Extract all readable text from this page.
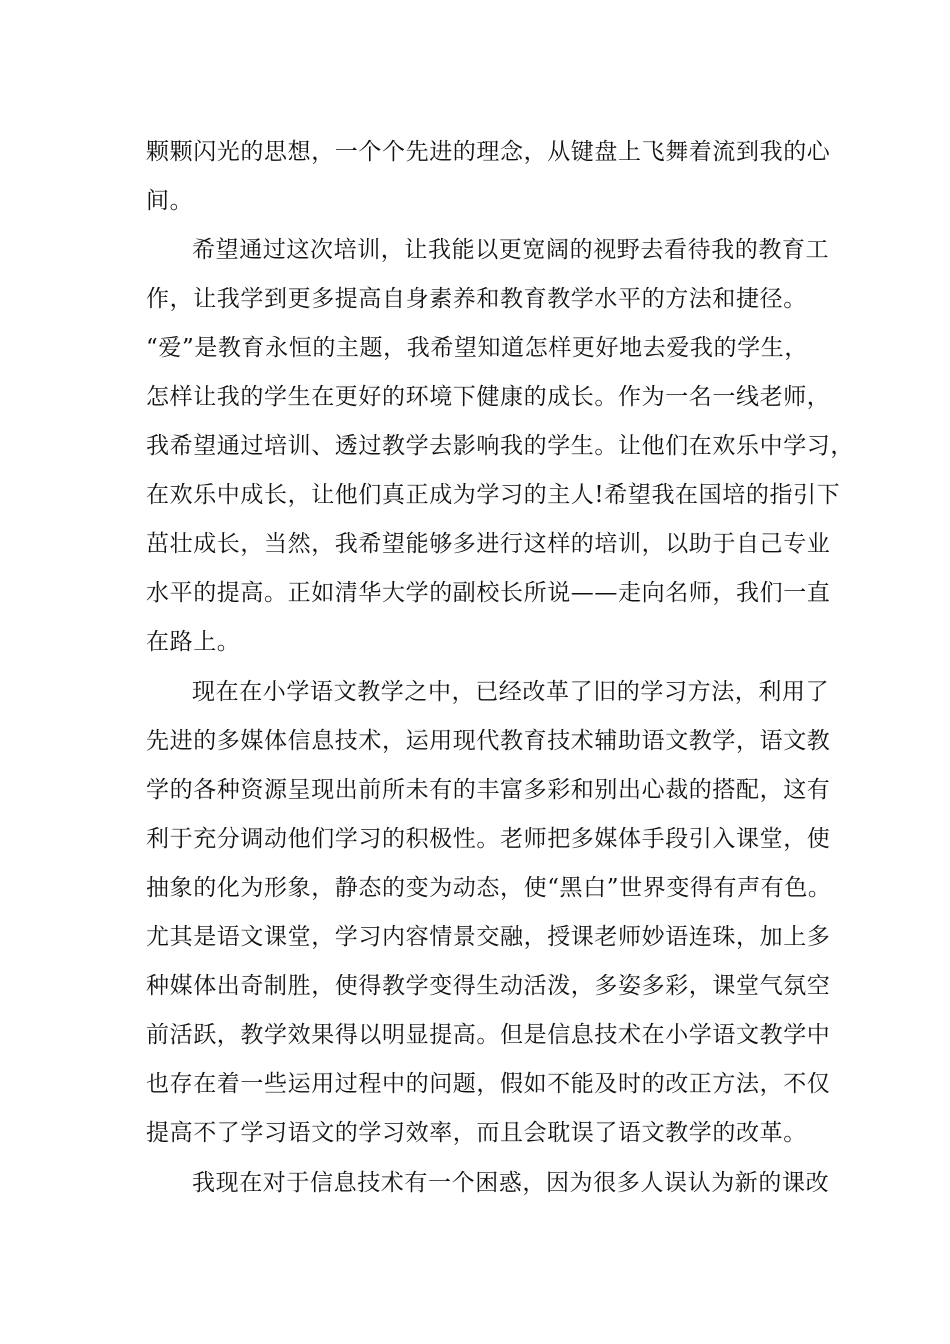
颗颗闪光的思想，一个个先进的理念，从键盘上飞舞着流到我的心
间。
希望通过这次培训，让我能以更宽阔的视野去看待我的教育工
作，让我学到更多提高自身素养和教育教学水平的方法和捷径。
“爱”是教育永恒的主题，我希望知道怎样更好地去爱我的学生，
怎样让我的学生在更好的环境下健康的成长。作为一名一线老师，
我希望通过培训、透过教学去影响我的学生。让他们在欢乐中学习，
在欢乐中成长，让他们真正成为学习的主人!希望我在国培的指引下
茁壮成长，当然，我希望能够多进行这样的培训，以助于自己专业
水平的提高。正如清华大学的副校长所说——走向名师，我们一直
在路上。
现在在小学语文教学之中，已经改革了旧的学习方法，利用了
先进的多媒体信息技术，运用现代教育技术辅助语文教学，语文教
学的各种资源呈现出前所未有的丰富多彩和别出心裁的搭配，这有
利于充分调动他们学习的积极性。老师把多媒体手段引入课堂，使
抽象的化为形象，静态的变为动态，使“黑白”世界变得有声有色。
尤其是语文课堂，学习内容情景交融，授课老师妙语连珠，加上多
种媒体出奇制胜，使得教学变得生动活泼，多姿多彩，课堂气氛空
前活跃，教学效果得以明显提高。但是信息技术在小学语文教学中
也存在着一些运用过程中的问题，假如不能及时的改正方法，不仅
提高不了学习语文的学习效率，而且会耽误了语文教学的改革。
我现在对于信息技术有一个困惑，因为很多人误认为新的课改
